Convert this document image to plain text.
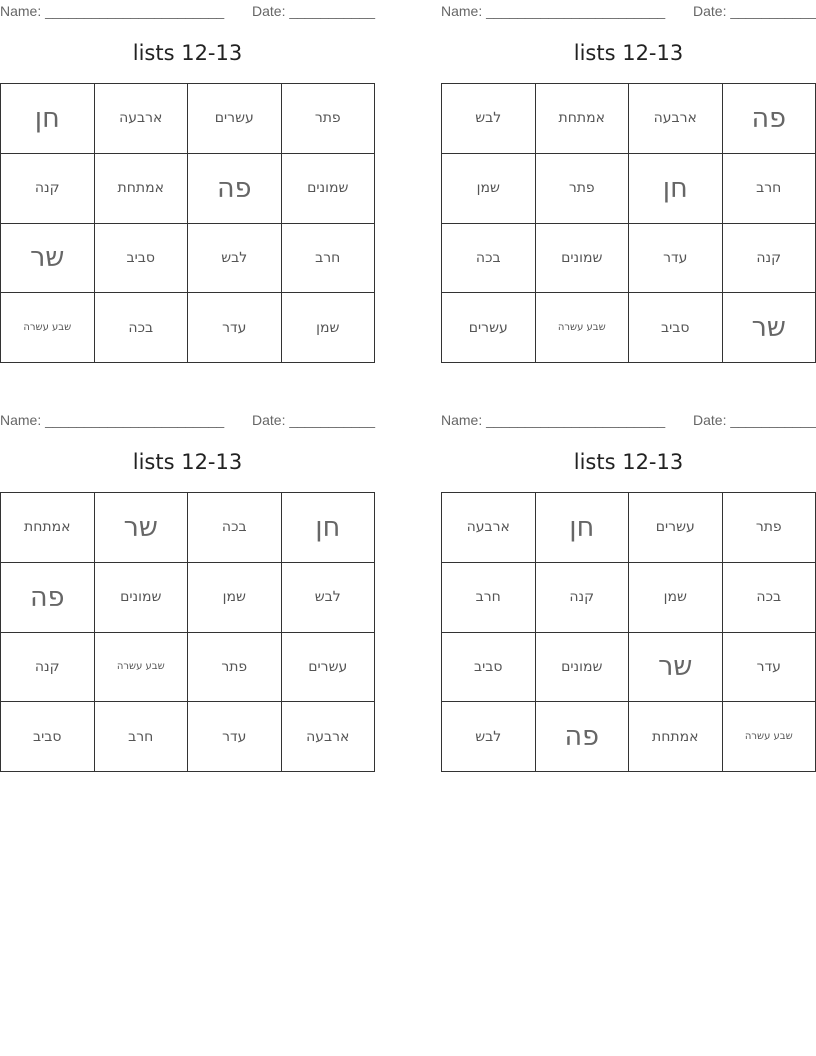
Name: _______________________ Date: ___________
lists 12-13
חן	ארבעה	עשרים	פתר
קנה	אמתחת	פה	שמונים
שר	סביב	לבש	חרב
שבע עשרה	בכה	עדר	שמן
Name: _______________________ Date: ___________
lists 12-13
לבש	אמתחת	ארבעה	פה
שמן	פתר	חן	חרב
בכה	שמונים	עדר	קנה
עשרים	שבע עשרה	סביב	שר
Name: _______________________ Date: ___________
lists 12-13
אמתחת	שר	בכה	חן
פה	שמונים	שמן	לבש
קנה	שבע עשרה	פתר	עשרים
סביב	חרב	עדר	ארבעה
Name: _______________________ Date: ___________
lists 12-13
ארבעה	חן	עשרים	פתר
חרב	קנה	שמן	בכה
סביב	שמונים	שר	עדר
לבש	פה	אמתחת	שבע עשרה
